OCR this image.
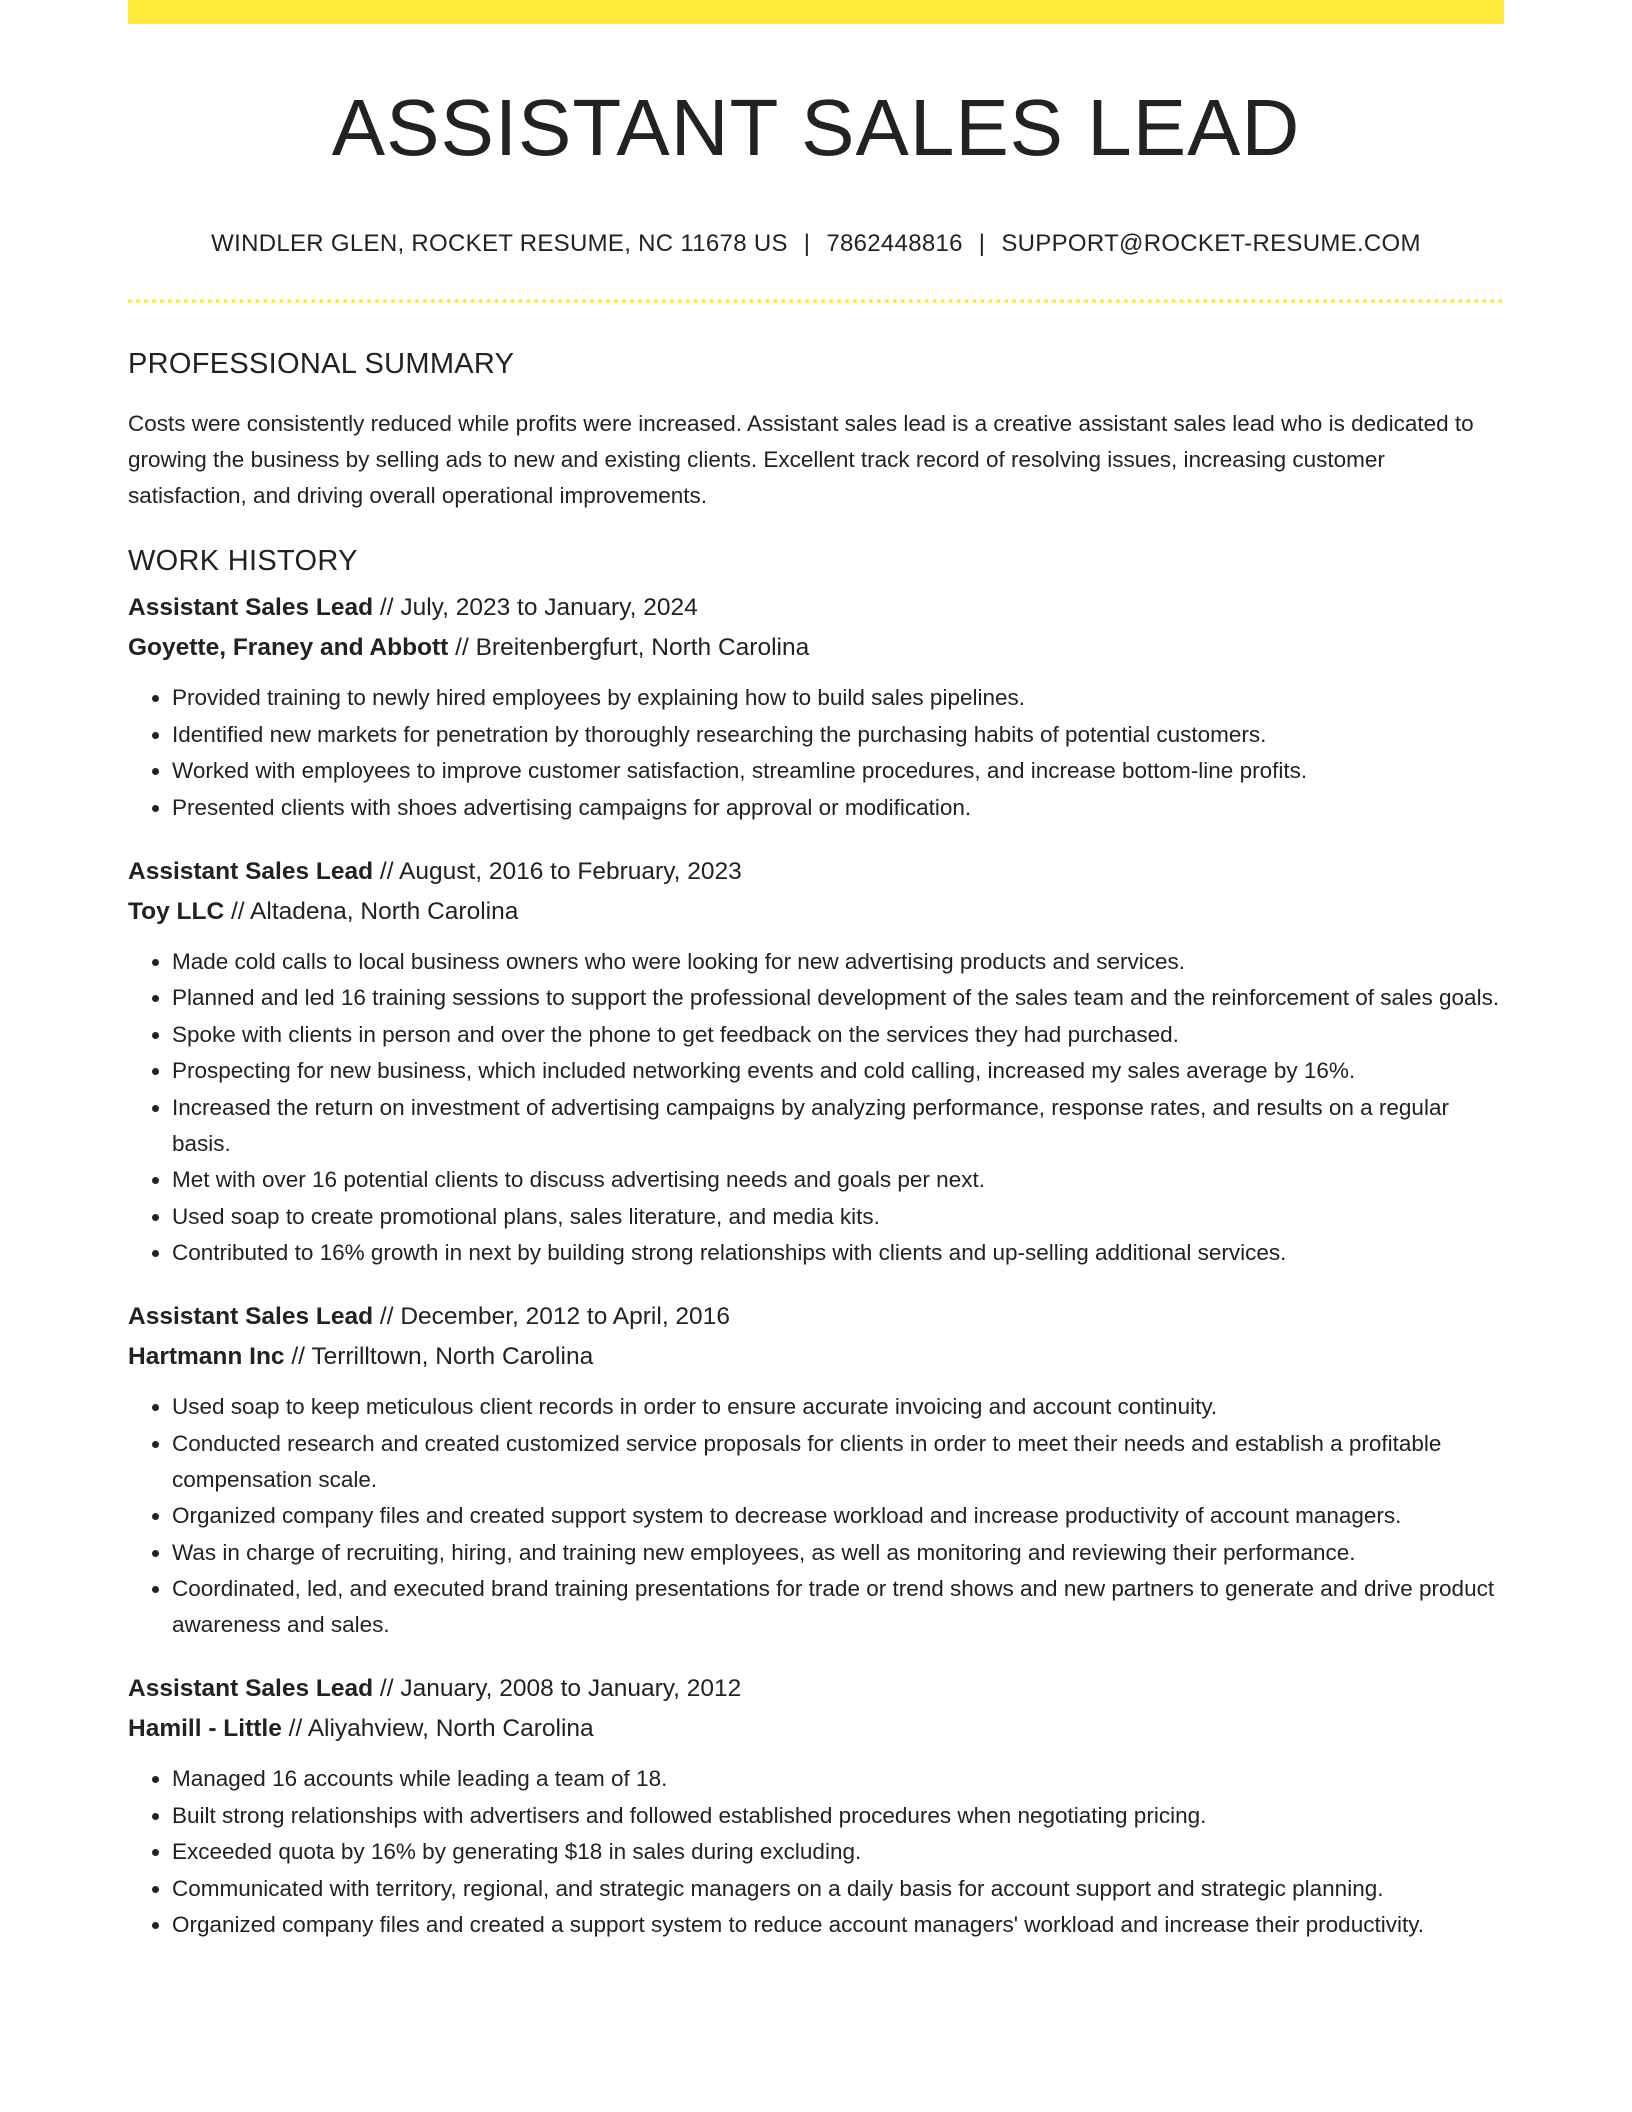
ASSISTANT SALES LEAD
WINDLER GLEN, ROCKET RESUME, NC 11678 US | 7862448816 | SUPPORT@ROCKET-RESUME.COM
PROFESSIONAL SUMMARY
Costs were consistently reduced while profits were increased. Assistant sales lead is a creative assistant sales lead who is dedicated to growing the business by selling ads to new and existing clients. Excellent track record of resolving issues, increasing customer satisfaction, and driving overall operational improvements.
WORK HISTORY
Assistant Sales Lead // July, 2023 to January, 2024
Goyette, Franey and Abbott // Breitenbergfurt, North Carolina
• Provided training to newly hired employees by explaining how to build sales pipelines.
• Identified new markets for penetration by thoroughly researching the purchasing habits of potential customers.
• Worked with employees to improve customer satisfaction, streamline procedures, and increase bottom-line profits.
• Presented clients with shoes advertising campaigns for approval or modification.
Assistant Sales Lead // August, 2016 to February, 2023
Toy LLC // Altadena, North Carolina
• Made cold calls to local business owners who were looking for new advertising products and services.
• Planned and led 16 training sessions to support the professional development of the sales team and the reinforcement of sales goals.
• Spoke with clients in person and over the phone to get feedback on the services they had purchased.
• Prospecting for new business, which included networking events and cold calling, increased my sales average by 16%.
• Increased the return on investment of advertising campaigns by analyzing performance, response rates, and results on a regular basis.
• Met with over 16 potential clients to discuss advertising needs and goals per next.
• Used soap to create promotional plans, sales literature, and media kits.
• Contributed to 16% growth in next by building strong relationships with clients and up-selling additional services.
Assistant Sales Lead // December, 2012 to April, 2016
Hartmann Inc // Terrilltown, North Carolina
• Used soap to keep meticulous client records in order to ensure accurate invoicing and account continuity.
• Conducted research and created customized service proposals for clients in order to meet their needs and establish a profitable compensation scale.
• Organized company files and created support system to decrease workload and increase productivity of account managers.
• Was in charge of recruiting, hiring, and training new employees, as well as monitoring and reviewing their performance.
• Coordinated, led, and executed brand training presentations for trade or trend shows and new partners to generate and drive product awareness and sales.
Assistant Sales Lead // January, 2008 to January, 2012
Hamill - Little // Aliyahview, North Carolina
• Managed 16 accounts while leading a team of 18.
• Built strong relationships with advertisers and followed established procedures when negotiating pricing.
• Exceeded quota by 16% by generating $18 in sales during excluding.
• Communicated with territory, regional, and strategic managers on a daily basis for account support and strategic planning.
• Organized company files and created a support system to reduce account managers' workload and increase their productivity.
